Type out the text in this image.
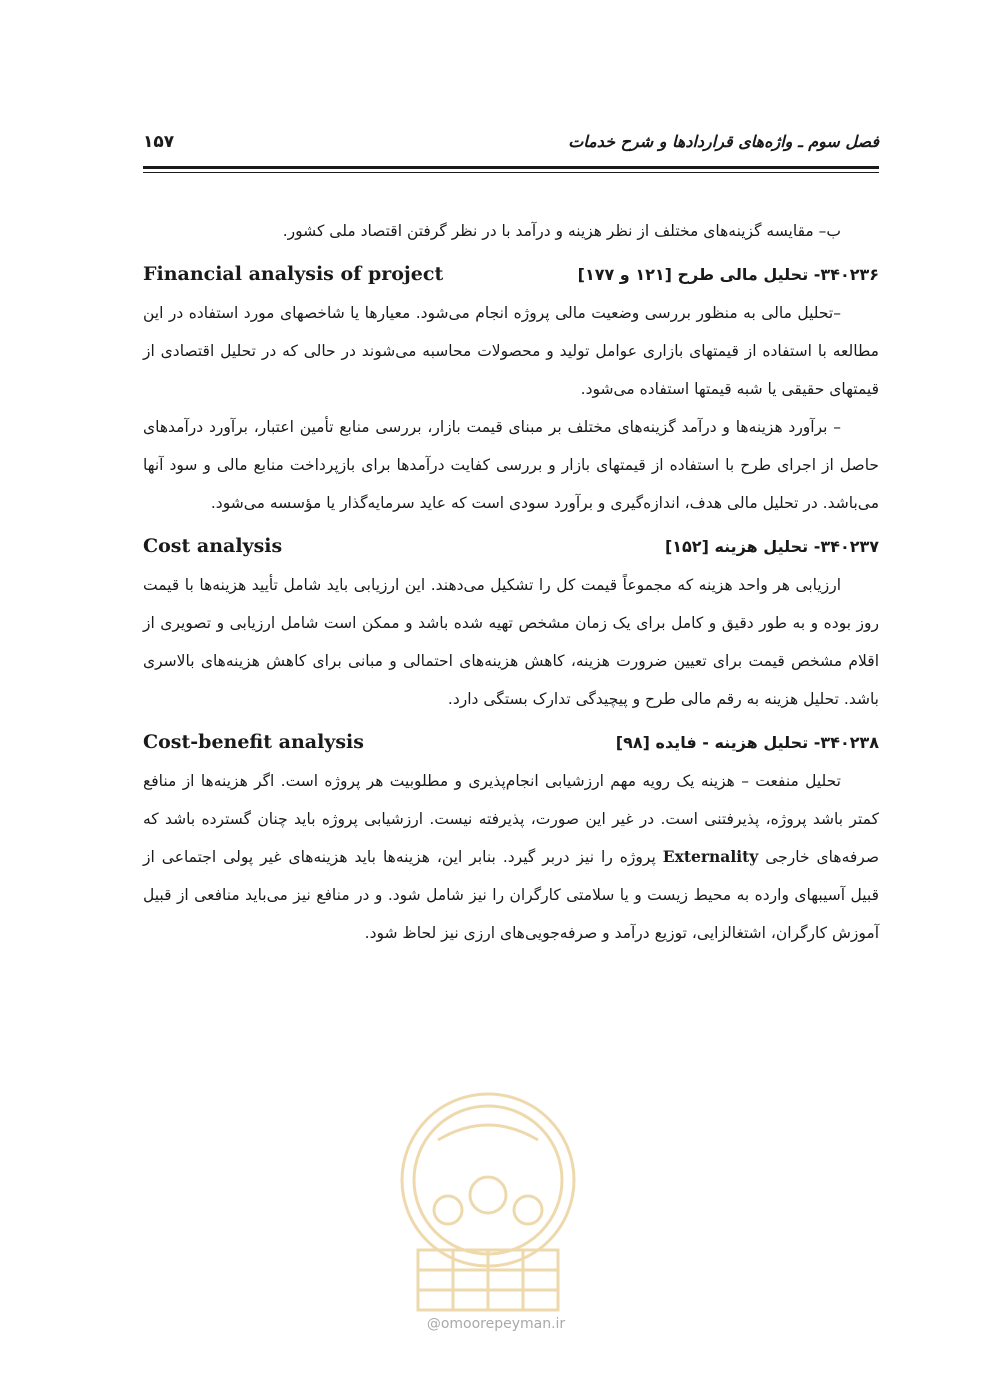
فصل سوم ـ واژه‌های قراردادها و شرح خدمات
۱۵۷

ب‌– مقایسه گزینه‌های مختلف از نظر هزینه و درآمد با در نظر گرفتن اقتصاد ملی کشور.

۳۴۰۲۳۶- تحلیل مالی طرح [۱۲۱ و ۱۷۷]
Financial analysis of project

–تحلیل مالی به منظور بررسی وضعیت مالی پروژه انجام می‌شود. معیارها یا شاخصهای مورد استفاده در این مطالعه با استفاده از قیمتهای بازاری عوامل تولید و محصولات محاسبه می‌شوند در حالی که در تحلیل اقتصادی از قیمتهای حقیقی یا شبه قیمتها استفاده می‌شود.

– برآورد هزینه‌ها و درآمد گزینه‌های مختلف بر مبنای قیمت بازار، بررسی منابع تأمین اعتبار، برآورد درآمدهای حاصل از اجرای طرح با استفاده از قیمتهای بازار و بررسی کفایت درآمدها برای بازپرداخت منابع مالی و سود آنها می‌باشد. در تحلیل مالی هدف، اندازه‌گیری و برآورد سودی است که عاید سرمایه‌گذار یا مؤسسه می‌شود.

۳۴۰۲۳۷- تحلیل هزینه [۱۵۲]
Cost analysis

ارزیابی هر واحد هزینه که مجموعاً قیمت کل را تشکیل می‌دهند. این ارزیابی باید شامل تأیید هزینه‌ها با قیمت روز بوده و به طور دقیق و کامل برای یک زمان مشخص تهیه شده باشد و ممکن است شامل ارزیابی و تصویری از اقلام مشخص قیمت برای تعیین ضرورت هزینه، کاهش هزینه‌های احتمالی و مبانی برای کاهش هزینه‌های بالاسری باشد. تحلیل هزینه به رقم مالی طرح و پیچیدگی تدارک بستگی دارد.

۳۴۰۲۳۸- تحلیل هزینه - فایده [۹۸]
Cost-benefit analysis

تحلیل منفعت – هزینه یک رویه مهم ارزشیابی انجام‌پذیری و مطلوبیت هر پروژه است. اگر هزینه‌ها از منافع کمتر باشد پروژه، پذیرفتنی است. در غیر این صورت، پذیرفته نیست. ارزشیابی پروژه باید چنان گسترده باشد که صرفه‌های خارجی Externality پروژه را نیز دربر گیرد. بنابر این، هزینه‌ها باید هزینه‌های غیر پولی اجتماعی از قبیل آسیبهای وارده به محیط زیست و یا سلامتی کارگران را نیز شامل شود. و در منافع نیز می‌باید منافعی از قبیل آموزش کارگران، اشتغالزایی، توزیع درآمد و صرفه‌جویی‌های ارزی نیز لحاظ شود.

@omoorepeyman.ir
